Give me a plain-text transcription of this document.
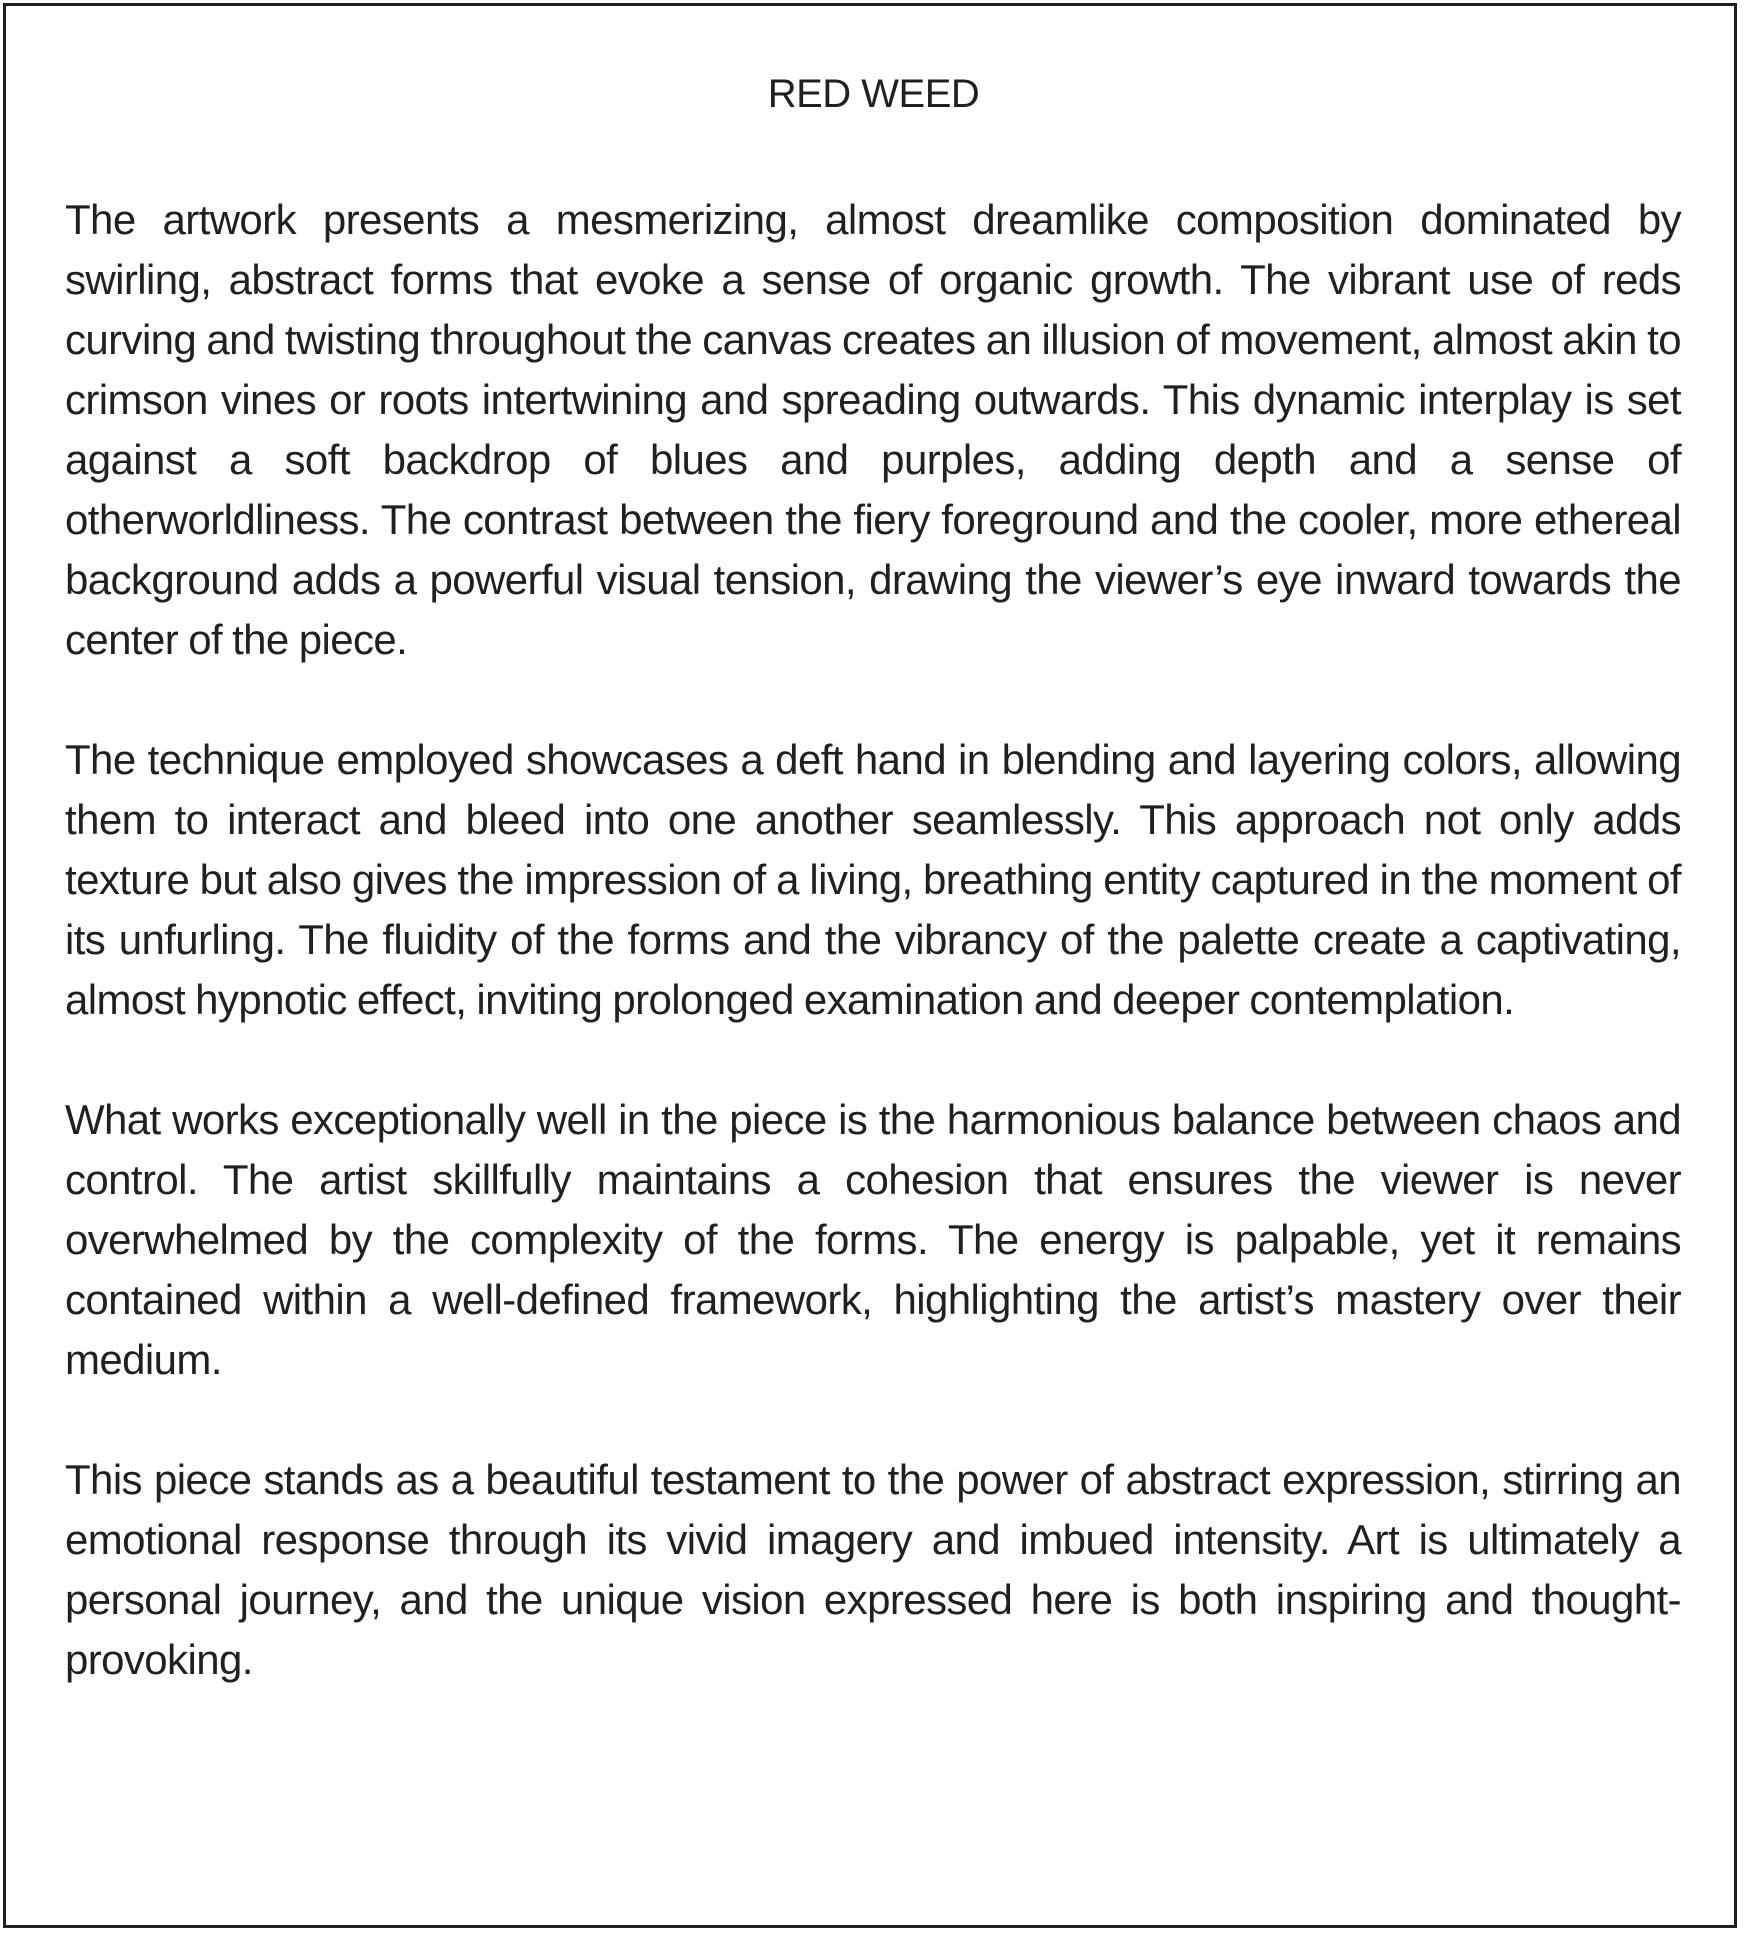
RED WEED

The artwork presents a mesmerizing, almost dreamlike composition dominated by swirling, abstract forms that evoke a sense of organic growth. The vibrant use of reds curving and twisting throughout the canvas creates an illusion of movement, almost akin to crimson vines or roots intertwining and spreading outwards. This dynamic interplay is set against a soft backdrop of blues and purples, adding depth and a sense of otherworldliness. The contrast between the fiery foreground and the cooler, more ethereal background adds a powerful visual tension, drawing the viewer’s eye inward towards the center of the piece.

The technique employed showcases a deft hand in blending and layering colors, allowing them to interact and bleed into one another seamlessly. This approach not only adds texture but also gives the impression of a living, breathing entity captured in the moment of its unfurling. The fluidity of the forms and the vibrancy of the palette create a captivating, almost hypnotic effect, inviting prolonged examination and deeper contemplation.

What works exceptionally well in the piece is the harmonious balance between chaos and control. The artist skillfully maintains a cohesion that ensures the viewer is never overwhelmed by the complexity of the forms. The energy is palpable, yet it remains contained within a well-defined framework, highlighting the artist’s mastery over their medium.

This piece stands as a beautiful testament to the power of abstract expression, stirring an emotional response through its vivid imagery and imbued intensity. Art is ultimately a personal journey, and the unique vision expressed here is both inspiring and thought-provoking.
